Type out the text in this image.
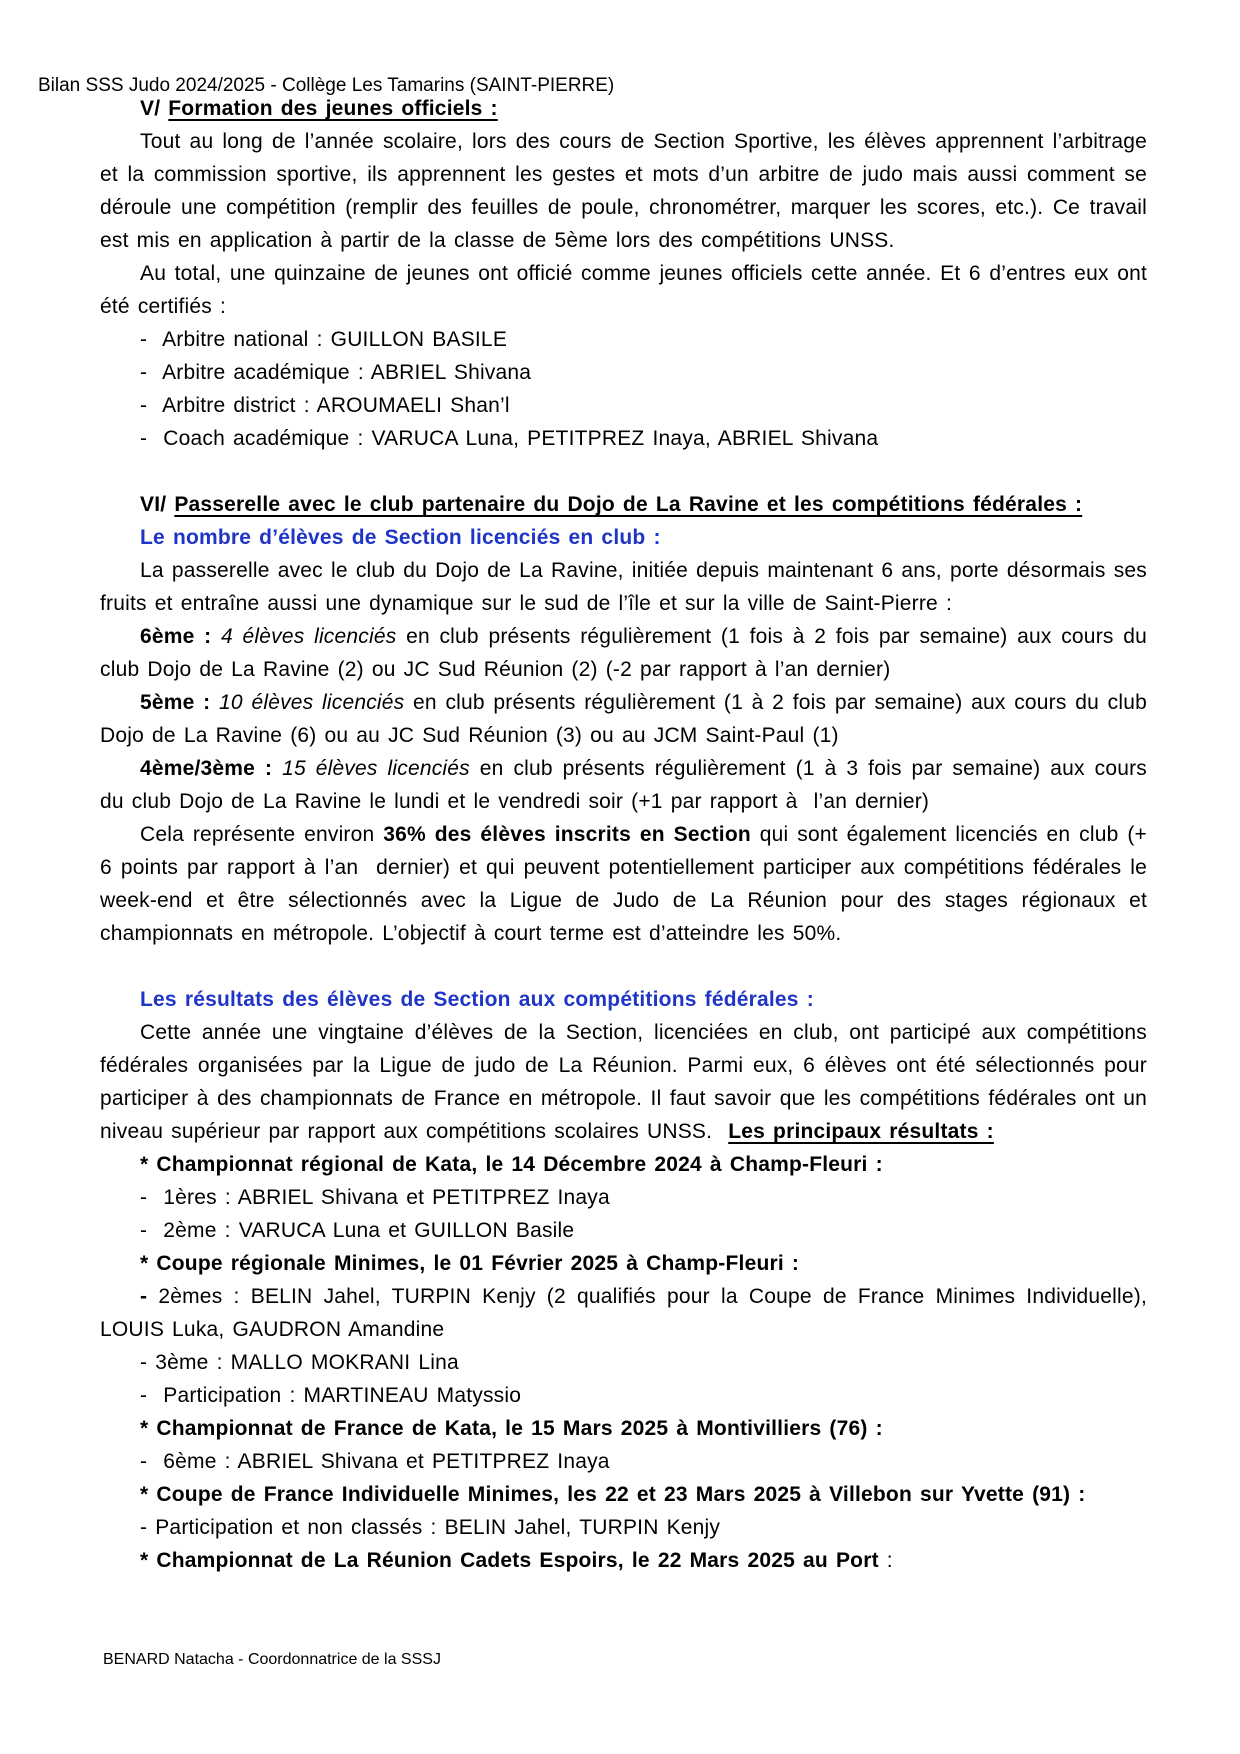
Bilan SSS Judo 2024/2025 - Collège Les Tamarins (SAINT-PIERRE)
V/ Formation des jeunes officiels :
Tout au long de l’année scolaire, lors des cours de Section Sportive, les élèves apprennent l’arbitrage et la commission sportive, ils apprennent les gestes et mots d’un arbitre de judo mais aussi comment se déroule une compétition (remplir des feuilles de poule, chronométrer, marquer les scores, etc.). Ce travail est mis en application à partir de la classe de 5ème lors des compétitions UNSS.
Au total, une quinzaine de jeunes ont officié comme jeunes officiels cette année. Et 6 d’entres eux ont été certifiés :
-  Arbitre national : GUILLON BASILE
-  Arbitre académique : ABRIEL Shivana
-  Arbitre district : AROUMAELI Shan’l
-  Coach académique : VARUCA Luna, PETITPREZ Inaya, ABRIEL Shivana
VI/ Passerelle avec le club partenaire du Dojo de La Ravine et les compétitions fédérales :
Le nombre d’élèves de Section licenciés en club :
La passerelle avec le club du Dojo de La Ravine, initiée depuis maintenant 6 ans, porte désormais ses fruits et entraîne aussi une dynamique sur le sud de l’île et sur la ville de Saint-Pierre :
6ème : 4 élèves licenciés en club présents régulièrement (1 fois à 2 fois par semaine) aux cours du club Dojo de La Ravine (2) ou JC Sud Réunion (2) (-2 par rapport à l’an dernier)
5ème : 10 élèves licenciés en club présents régulièrement (1 à 2 fois par semaine) aux cours du club Dojo de La Ravine (6) ou au JC Sud Réunion (3) ou au JCM Saint-Paul (1)
4ème/3ème : 15 élèves licenciés en club présents régulièrement (1 à 3 fois par semaine) aux cours du club Dojo de La Ravine le lundi et le vendredi soir (+1 par rapport à  l’an dernier)
Cela représente environ 36% des élèves inscrits en Section qui sont également licenciés en club (+ 6 points par rapport à l’an  dernier) et qui peuvent potentiellement participer aux compétitions fédérales le week-end et être sélectionnés avec la Ligue de Judo de La Réunion pour des stages régionaux et championnats en métropole. L’objectif à court terme est d’atteindre les 50%.
Les résultats des élèves de Section aux compétitions fédérales :
Cette année une vingtaine d’élèves de la Section, licenciées en club, ont participé aux compétitions fédérales organisées par la Ligue de judo de La Réunion. Parmi eux, 6 élèves ont été sélectionnés pour participer à des championnats de France en métropole. Il faut savoir que les compétitions fédérales ont un niveau supérieur par rapport aux compétitions scolaires UNSS.  Les principaux résultats :
* Championnat régional de Kata, le 14 Décembre 2024 à Champ-Fleuri :
-  1ères : ABRIEL Shivana et PETITPREZ Inaya
-  2ème : VARUCA Luna et GUILLON Basile
* Coupe régionale Minimes, le 01 Février 2025 à Champ-Fleuri :
- 2èmes : BELIN Jahel, TURPIN Kenjy (2 qualifiés pour la Coupe de France Minimes Individuelle), LOUIS Luka, GAUDRON Amandine
- 3ème : MALLO MOKRANI Lina
-  Participation : MARTINEAU Matyssio
* Championnat de France de Kata, le 15 Mars 2025 à Montivilliers (76) :
-  6ème : ABRIEL Shivana et PETITPREZ Inaya
* Coupe de France Individuelle Minimes, les 22 et 23 Mars 2025 à Villebon sur Yvette (91) :
- Participation et non classés : BELIN Jahel, TURPIN Kenjy
* Championnat de La Réunion Cadets Espoirs, le 22 Mars 2025 au Port :
BENARD Natacha - Coordonnatrice de la SSSJ
